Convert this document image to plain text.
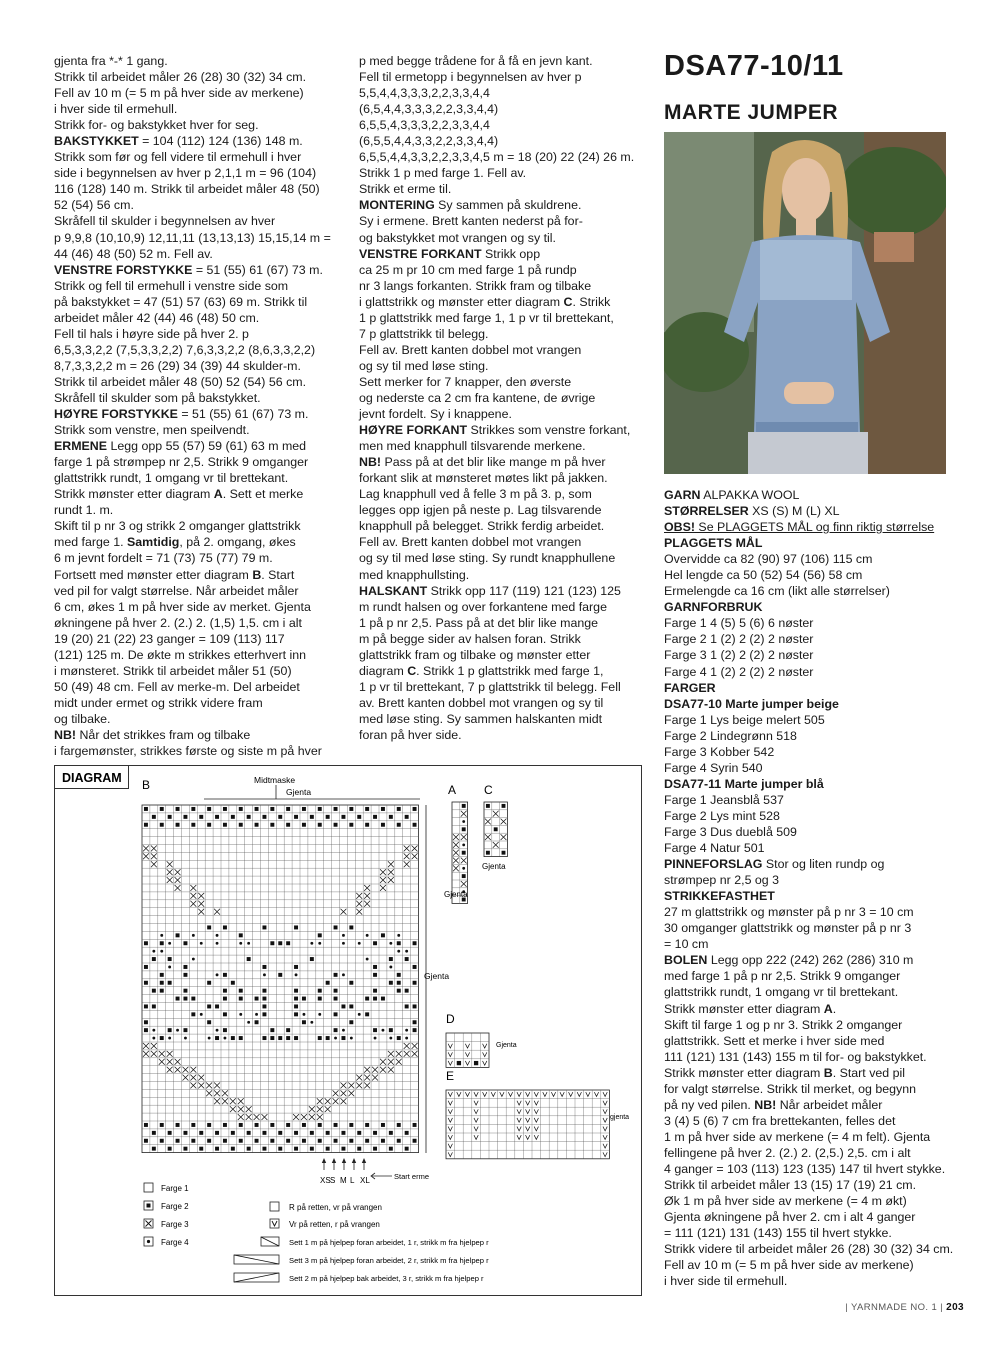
DSA77-10/11
MARTE JUMPER

gjenta fra *-* 1 gang.

Strikk til arbeidet måler 26 (28) 30 (32) 34 cm.

Fell av 10 m (= 5 m på hver side av merkene)

i hver side til ermehull.

Strikk for- og bakstykket hver for seg.

BAKSTYKKET = 104 (112) 124 (136) 148 m.

Strikk som før og fell videre til ermehull i hver

side i begynnelsen av hver p 2,1,1 m = 96 (104)

116 (128) 140 m. Strikk til arbeidet måler 48 (50)

52 (54) 56 cm.

Skråfell til skulder i begynnelsen av hver

p 9,9,8 (10,10,9) 12,11,11 (13,13,13) 15,15,14 m =

44 (46) 48 (50) 52 m. Fell av.

VENSTRE FORSTYKKE = 51 (55) 61 (67) 73 m.

Strikk og fell til ermehull i venstre side som

på bakstykket = 47 (51) 57 (63) 69 m. Strikk til

arbeidet måler 42 (44) 46 (48) 50 cm.

Fell til hals i høyre side på hver 2. p

6,5,3,3,2,2 (7,5,3,3,2,2) 7,6,3,3,2,2 (8,6,3,3,2,2)

8,7,3,3,2,2 m = 26 (29) 34 (39) 44 skulder-m.

Strikk til arbeidet måler 48 (50) 52 (54) 56 cm.

Skråfell til skulder som på bakstykket.

HØYRE FORSTYKKE = 51 (55) 61 (67) 73 m.

Strikk som venstre, men speilvendt.

ERMENE Legg opp 55 (57) 59 (61) 63 m med

farge 1 på strømpep nr 2,5. Strikk 9 omganger

glattstrikk rundt, 1 omgang vr til brettekant.

Strikk mønster etter diagram A. Sett et merke

rundt 1. m.

Skift til p nr 3 og strikk 2 omganger glattstrikk

med farge 1. Samtidig, på 2. omgang, økes

6 m jevnt fordelt = 71 (73) 75 (77) 79 m.

Fortsett med mønster etter diagram B. Start

ved pil for valgt størrelse. Når arbeidet måler

6 cm, økes 1 m på hver side av merket. Gjenta

økningene på hver 2. (2.) 2. (1,5) 1,5. cm i alt

19 (20) 21 (22) 23 ganger = 109 (113) 117

(121) 125 m. De økte m strikkes etterhvert inn

i mønsteret. Strikk til arbeidet måler 51 (50)

50 (49) 48 cm. Fell av merke-m. Del arbeidet

midt under ermet og strikk videre fram

og tilbake.

NB! Når det strikkes fram og tilbake

i fargemønster, strikkes første og siste m på hver

p med begge trådene for å få en jevn kant.

Fell til ermetopp i begynnelsen av hver p

5,5,4,4,3,3,3,2,2,3,3,4,4

(6,5,4,4,3,3,3,2,2,3,3,4,4)

6,5,5,4,3,3,3,2,2,3,3,4,4

(6,5,5,4,4,3,3,2,2,3,3,4,4)

6,5,5,4,4,3,3,2,2,3,3,4,5 m = 18 (20) 22 (24) 26 m.

Strikk 1 p med farge 1. Fell av.

Strikk et erme til.

MONTERING Sy sammen på skuldrene.

Sy i ermene. Brett kanten nederst på for-

og bakstykket mot vrangen og sy til.

VENSTRE FORKANT Strikk opp

ca 25 m pr 10 cm med farge 1 på rundp

nr 3 langs forkanten. Strikk fram og tilbake

i glattstrikk og mønster etter diagram C. Strikk

1 p glattstrikk med farge 1, 1 p vr til brettekant,

7 p glattstrikk til belegg.

Fell av. Brett kanten dobbel mot vrangen

og sy til med løse sting.

Sett merker for 7 knapper, den øverste

og nederste ca 2 cm fra kantene, de øvrige

jevnt fordelt. Sy i knappene.

HØYRE FORKANT Strikkes som venstre forkant,

men med knapphull tilsvarende merkene.

NB! Pass på at det blir like mange m på hver

forkant slik at mønsteret møtes likt på jakken.

Lag knapphull ved å felle 3 m på 3. p, som

legges opp igjen på neste p. Lag tilsvarende

knapphull på belegget. Strikk ferdig arbeidet.

Fell av. Brett kanten dobbel mot vrangen

og sy til med løse sting. Sy rundt knapphullene

med knapphullsting.

HALSKANT Strikk opp 117 (119) 121 (123) 125

m rundt halsen og over forkantene med farge

1 på p nr 2,5. Pass på at det blir like mange

m på begge sider av halsen foran. Strikk

glattstrikk fram og tilbake og mønster etter

diagram C. Strikk 1 p glattstrikk med farge 1,

1 p vr til brettekant, 7 p glattstrikk til belegg. Fell

av. Brett kanten dobbel mot vrangen og sy til

med løse sting. Sy sammen halskanten midt

foran på hver side.

GARN ALPAKKA WOOL

STØRRELSER XS (S) M (L) XL

OBS! Se PLAGGETS MÅL og finn riktig størrelse

PLAGGETS MÅL

Overvidde ca 82 (90) 97 (106) 115 cm

Hel lengde ca 50 (52) 54 (56) 58 cm

Ermelengde ca 16 cm (likt alle størrelser)

GARNFORBRUK

Farge 1 4 (5) 5 (6) 6 nøster

Farge 2 1 (2) 2 (2) 2 nøster

Farge 3 1 (2) 2 (2) 2 nøster

Farge 4 1 (2) 2 (2) 2 nøster

FARGER

DSA77-10 Marte jumper beige

Farge 1 Lys beige melert 505

Farge 2 Lindegrønn 518

Farge 3 Kobber 542

Farge 4 Syrin 540

DSA77-11 Marte jumper blå

Farge 1 Jeansblå 537

Farge 2 Lys mint 528

Farge 3 Dus dueblå 509

Farge 4 Natur 501

PINNEFORSLAG Stor og liten rundp og

strømpep nr 2,5 og 3

STRIKKEFASTHET

27 m glattstrikk og mønster på p nr 3 = 10 cm

30 omganger glattstrikk og mønster på p nr 3

= 10 cm

BOLEN Legg opp 222 (242) 262 (286) 310 m

med farge 1 på p nr 2,5. Strikk 9 omganger

glattstrikk rundt, 1 omgang vr til brettekant.

Strikk mønster etter diagram A.

Skift til farge 1 og p nr 3. Strikk 2 omganger

glattstrikk. Sett et merke i hver side med

111 (121) 131 (143) 155 m til for- og bakstykket.

Strikk mønster etter diagram B. Start ved pil

for valgt størrelse. Strikk til merket, og begynn

på ny ved pilen. NB! Når arbeidet måler

3 (4) 5 (6) 7 cm fra brettekanten, felles det

1 m på hver side av merkene (= 4 m felt). Gjenta

fellingene på hver 2. (2.) 2. (2,5.) 2,5. cm i alt

4 ganger = 103 (113) 123 (135) 147 til hvert stykke.

Strikk til arbeidet måler 13 (15) 17 (19) 21 cm.

Øk 1 m på hver side av merkene (= 4 m økt)

Gjenta økningene på hver 2. cm i alt 4 ganger

= 111 (121) 131 (143) 155 til hvert stykke.

Strikk videre til arbeidet måler 26 (28) 30 (32) 34 cm.

Fell av 10 m (= 5 m på hver side av merkene)

i hver side til ermehull.

DIAGRAM B	Midtmaske
Gjenta
Gjenta
XS S M L XL	Start erme
A C
Gjenta
Gjenta
D
Gjenta
E
gjenta
Farge 1
Farge 2
Farge 3
Farge 4
R på retten, vr på vrangen
Vr på retten, r på vrangen
Sett 1 m på hjelpep foran arbeidet, 1 r, strikk m fra hjelpep r
Sett 3 m på hjelpep foran arbeidet, 2 r, strikk m fra hjelpep r
Sett 2 m på hjelpep bak arbeidet, 3 r, strikk m fra hjelpep r
| YARNMADE NO. 1 | 203
